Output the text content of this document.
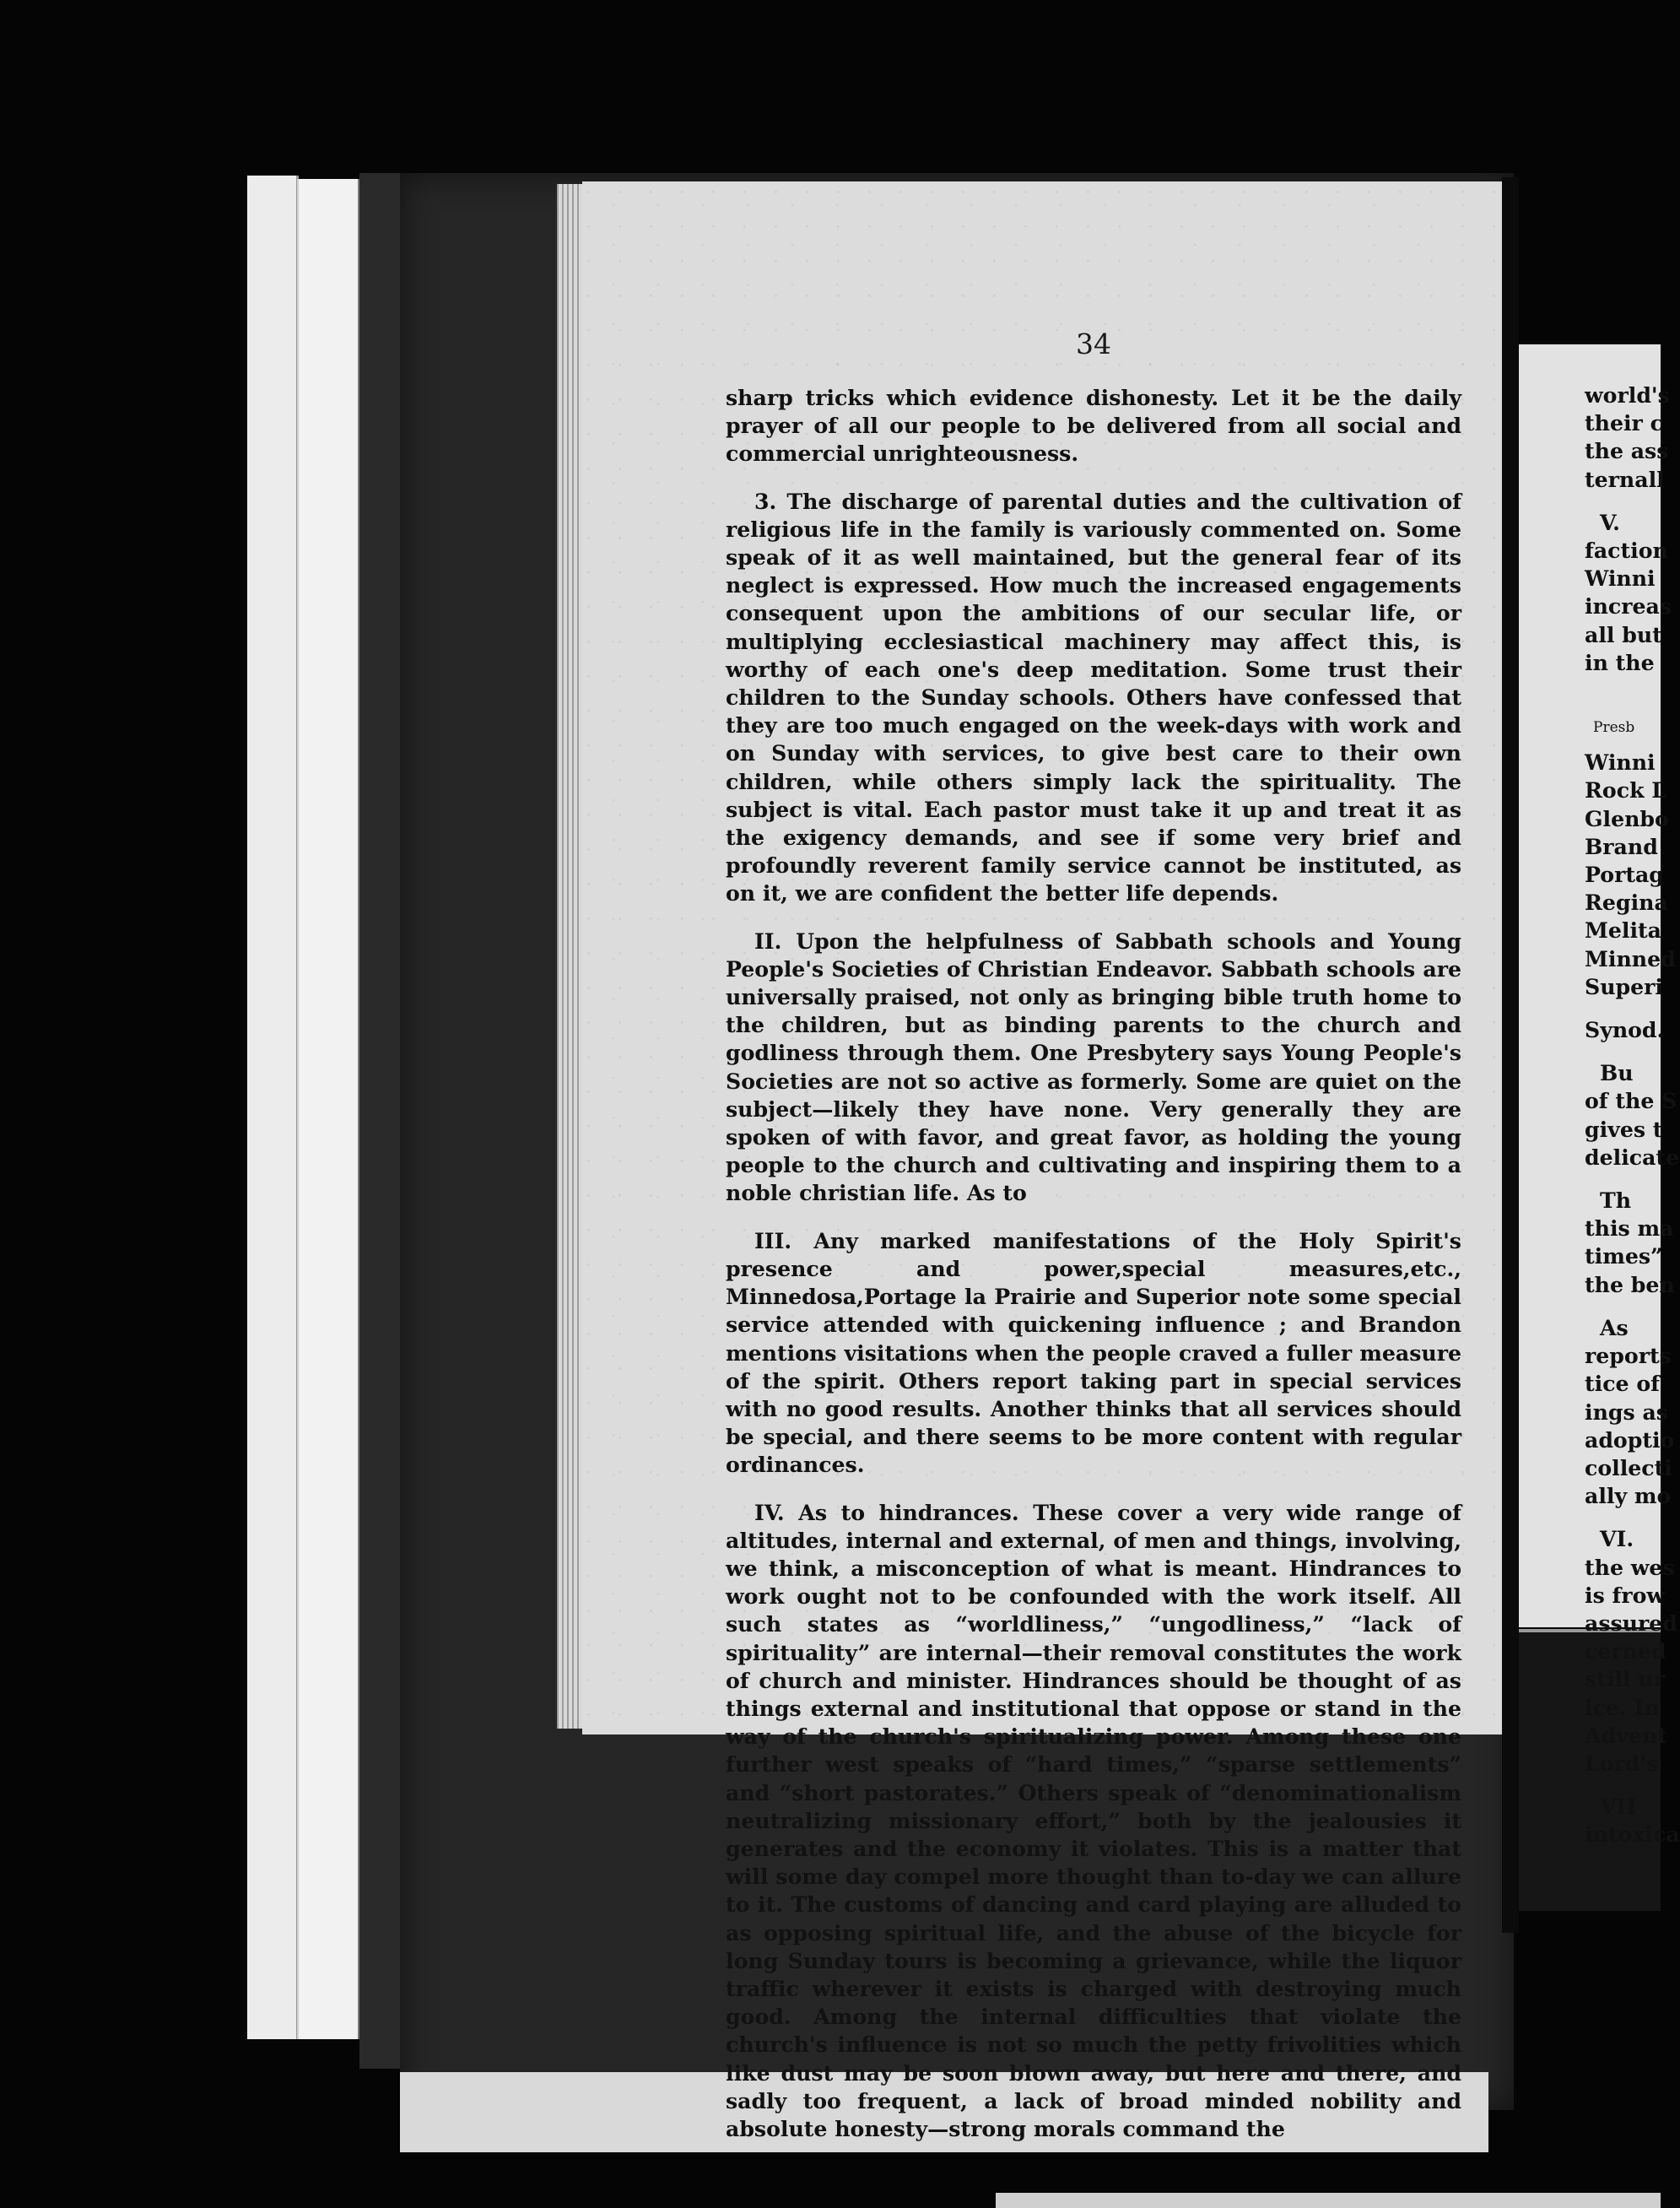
34

sharp tricks which evidence dishonesty. Let it be the daily prayer of all our people to be delivered from all social and commercial unrighteousness.

3. The discharge of parental duties and the cultivation of religious life in the family is variously commented on. Some speak of it as well maintained, but the general fear of its neglect is expressed. How much the increased engagements consequent upon the ambitions of our secular life, or multiplying ecclesiastical machinery may affect this, is worthy of each one's deep meditation. Some trust their children to the Sunday schools. Others have confessed that they are too much engaged on the week-days with work and on Sunday with services, to give best care to their own children, while others simply lack the spirituality. The subject is vital. Each pastor must take it up and treat it as the exigency demands, and see if some very brief and profoundly reverent family service cannot be instituted, as on it, we are confident the better life depends.

II. Upon the helpfulness of Sabbath schools and Young People's Societies of Christian Endeavor. Sabbath schools are universally praised, not only as bringing bible truth home to the children, but as binding parents to the church and godliness through them. One Presbytery says Young People's Societies are not so active as formerly. Some are quiet on the subject—likely they have none. Very generally they are spoken of with favor, and great favor, as holding the young people to the church and cultivating and inspiring them to a noble christian life. As to

III. Any marked manifestations of the Holy Spirit's presence and power,special measures,etc., Minnedosa,Portage la Prairie and Superior note some special service attended with quickening influence ; and Brandon mentions visitations when the people craved a fuller measure of the spirit. Others report taking part in special services with no good results. Another thinks that all services should be special, and there seems to be more content with regular ordinances.

IV. As to hindrances. These cover a very wide range of altitudes, internal and external, of men and things, involving, we think, a misconception of what is meant. Hindrances to work ought not to be confounded with the work itself. All such states as “worldliness,” “ungodliness,” “lack of spirituality” are internal—their removal constitutes the work of church and minister. Hindrances should be thought of as things external and institutional that oppose or stand in the way of the church's spiritualizing power. Among these one further west speaks of “hard times,” “sparse settlements” and “short pastorates.” Others speak of “denominationalism neutralizing missionary effort,” both by the jealousies it generates and the economy it violates. This is a matter that will some day compel more thought than to-day we can allure to it. The customs of dancing and card playing are alluded to as opposing spiritual life, and the abuse of the bicycle for long Sunday tours is becoming a grievance, while the liquor traffic wherever it exists is charged with destroying much good. Among the internal difficulties that violate the church's influence is not so much the petty frivolities which like dust may be soon blown away, but here and there, and sadly too frequent, a lack of broad minded nobility and absolute honesty—strong morals command the

world's
their c
the ass
ternall
V.
faction
Winni
increas
all but
in the
Presb
Winni
Rock L
Glenbo
Brand
Portag
Regina
Melita
Minned
Superi
Synod.
Bu
of the S
gives t
delicate
Th
this ma
times”
the ben
As
reports
tice of
ings as
adoptio
collecti
ally mo
VI.
the wes
is frow
assured
cerned
still ur
ice. In
Advent
Lord's
VII
intoxica
